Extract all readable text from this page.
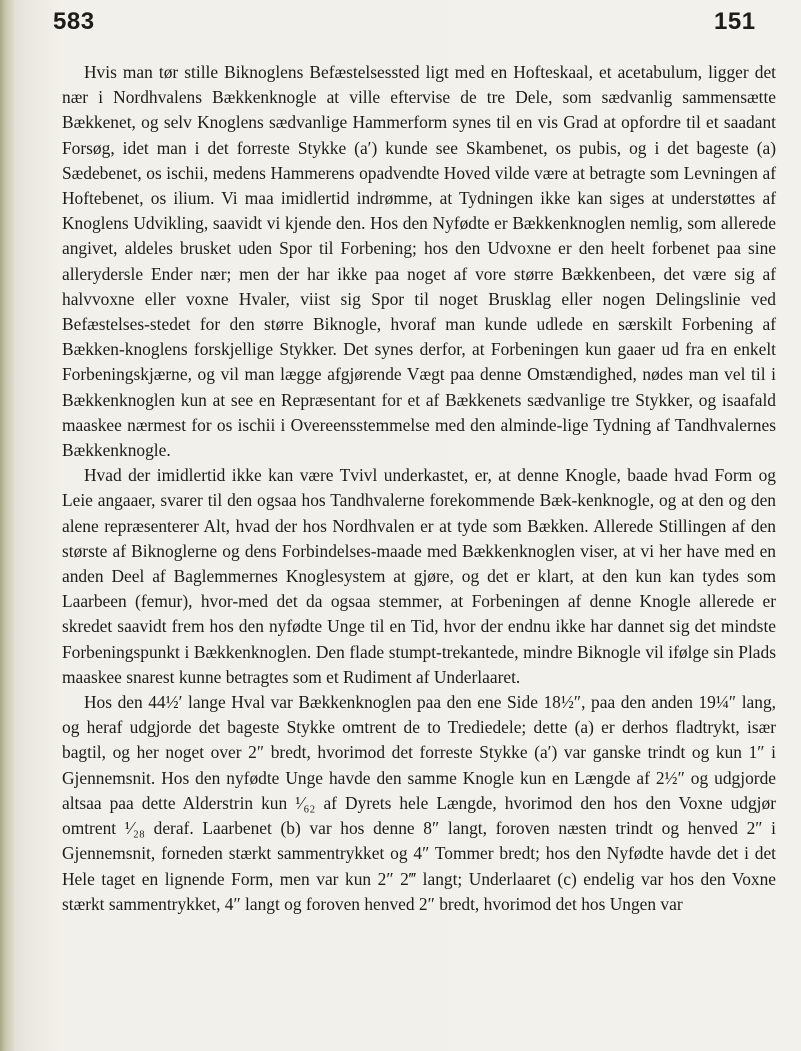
583	151

Hvis man tør stille Biknoglens Befæstelsessted ligt med en Hofteskaal, et acetabulum, ligger det nær i Nordhvalens Bækkenknogle at ville eftervise de tre Dele, som sædvanlig sammensætte Bækkenet, og selv Knoglens sædvanlige Hammerform synes til en vis Grad at opfordre til et saadant Forsøg, idet man i det forreste Stykke (a′) kunde see Skambenet, os pubis, og i det bageste (a) Sædebenet, os ischii, medens Hammerens opadvendte Hoved vilde være at betragte som Levningen af Hoftebenet, os ilium. Vi maa imidlertid indrømme, at Tydningen ikke kan siges at understøttes af Knoglens Udvikling, saavidt vi kjende den. Hos den Nyfødte er Bækkenknoglen nemlig, som allerede angivet, aldeles brusket uden Spor til Forbening; hos den Udvoxne er den heelt forbenet paa sine allerydersle Ender nær; men der har ikke paa noget af vore større Bækkenbeen, det være sig af halvvoxne eller voxne Hvaler, viist sig Spor til noget Brusklag eller nogen Delingslinie ved Befæstelses-stedet for den større Biknogle, hvoraf man kunde udlede en særskilt Forbening af Bækken-knoglens forskjellige Stykker. Det synes derfor, at Forbeningen kun gaaer ud fra en enkelt Forbeningskjærne, og vil man lægge afgjørende Vægt paa denne Omstændighed, nødes man vel til i Bækkenknoglen kun at see en Repræsentant for et af Bækkenets sædvanlige tre Stykker, og isaafald maaskee nærmest for os ischii i Overeensstemmelse med den alminde-lige Tydning af Tandhvalernes Bækkenknogle.

Hvad der imidlertid ikke kan være Tvivl underkastet, er, at denne Knogle, baade hvad Form og Leie angaaer, svarer til den ogsaa hos Tandhvalerne forekommende Bæk-kenknogle, og at den og den alene repræsenterer Alt, hvad der hos Nordhvalen er at tyde som Bækken. Allerede Stillingen af den største af Biknoglerne og dens Forbindelses-maade med Bækkenknoglen viser, at vi her have med en anden Deel af Baglemmernes Knoglesystem at gjøre, og det er klart, at den kun kan tydes som Laarbeen (femur), hvor-med det da ogsaa stemmer, at Forbeningen af denne Knogle allerede er skredet saavidt frem hos den nyfødte Unge til en Tid, hvor der endnu ikke har dannet sig det mindste Forbeningspunkt i Bækkenknoglen. Den flade stumpt-trekantede, mindre Biknogle vil ifølge sin Plads maaskee snarest kunne betragtes som et Rudiment af Underlaaret.

Hos den 44½′ lange Hval var Bækkenknoglen paa den ene Side 18½″, paa den anden 19¼″ lang, og heraf udgjorde det bageste Stykke omtrent de to Trediedele; dette (a) er derhos fladtrykt, især bagtil, og her noget over 2″ bredt, hvorimod det forreste Stykke (a′) var ganske trindt og kun 1″ i Gjennemsnit. Hos den nyfødte Unge havde den samme Knogle kun en Længde af 2½″ og udgjorde altsaa paa dette Alderstrin kun ¹⁄₆₂ af Dyrets hele Længde, hvorimod den hos den Voxne udgjør omtrent ¹⁄₂₈ deraf. Laarbenet (b) var hos denne 8″ langt, foroven næsten trindt og henved 2″ i Gjennemsnit, forneden stærkt sammentrykket og 4″ Tommer bredt; hos den Nyfødte havde det i det Hele taget en lignende Form, men var kun 2″ 2‴ langt; Underlaaret (c) endelig var hos den Voxne stærkt sammentrykket, 4″ langt og foroven henved 2″ bredt, hvorimod det hos Ungen var
